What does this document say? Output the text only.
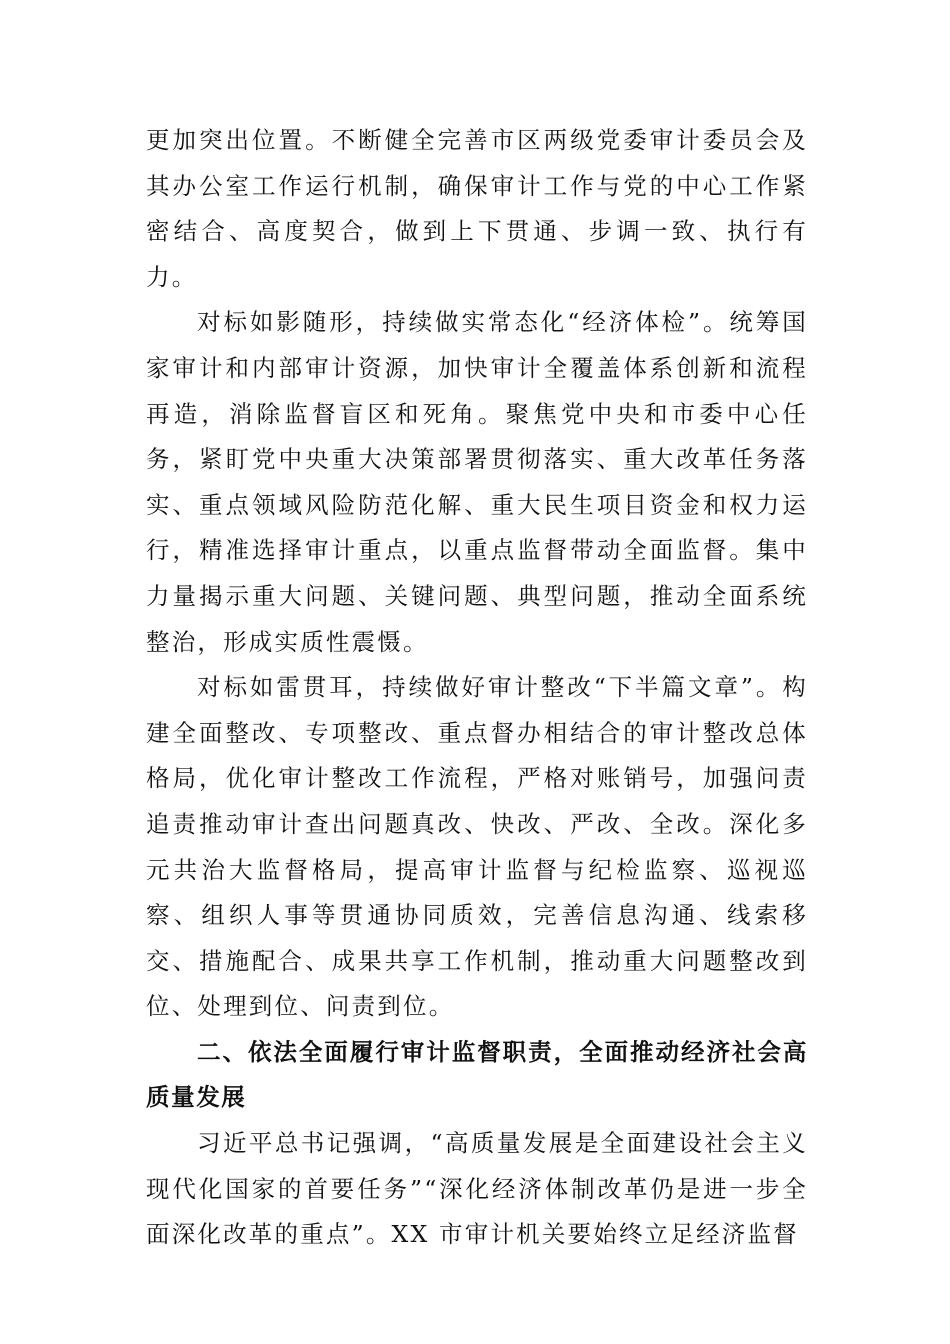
更加突出位置。不断健全完善市区两级党委审计委员会及其办公室工作运行机制，确保审计工作与党的中心工作紧密结合、高度契合，做到上下贯通、步调一致、执行有力。

对标如影随形，持续做实常态化“经济体检”。统筹国家审计和内部审计资源，加快审计全覆盖体系创新和流程再造，消除监督盲区和死角。聚焦党中央和市委中心任务，紧盯党中央重大决策部署贯彻落实、重大改革任务落实、重点领域风险防范化解、重大民生项目资金和权力运行，精准选择审计重点，以重点监督带动全面监督。集中力量揭示重大问题、关键问题、典型问题，推动全面系统整治，形成实质性震慑。

对标如雷贯耳，持续做好审计整改“下半篇文章”。构建全面整改、专项整改、重点督办相结合的审计整改总体格局，优化审计整改工作流程，严格对账销号，加强问责追责推动审计查出问题真改、快改、严改、全改。深化多元共治大监督格局，提高审计监督与纪检监察、巡视巡察、组织人事等贯通协同质效，完善信息沟通、线索移交、措施配合、成果共享工作机制，推动重大问题整改到位、处理到位、问责到位。

二、依法全面履行审计监督职责，全面推动经济社会高质量发展

习近平总书记强调，“高质量发展是全面建设社会主义现代化国家的首要任务”“深化经济体制改革仍是进一步全面深化改革的重点”。XX 市审计机关要始终立足经济监督
